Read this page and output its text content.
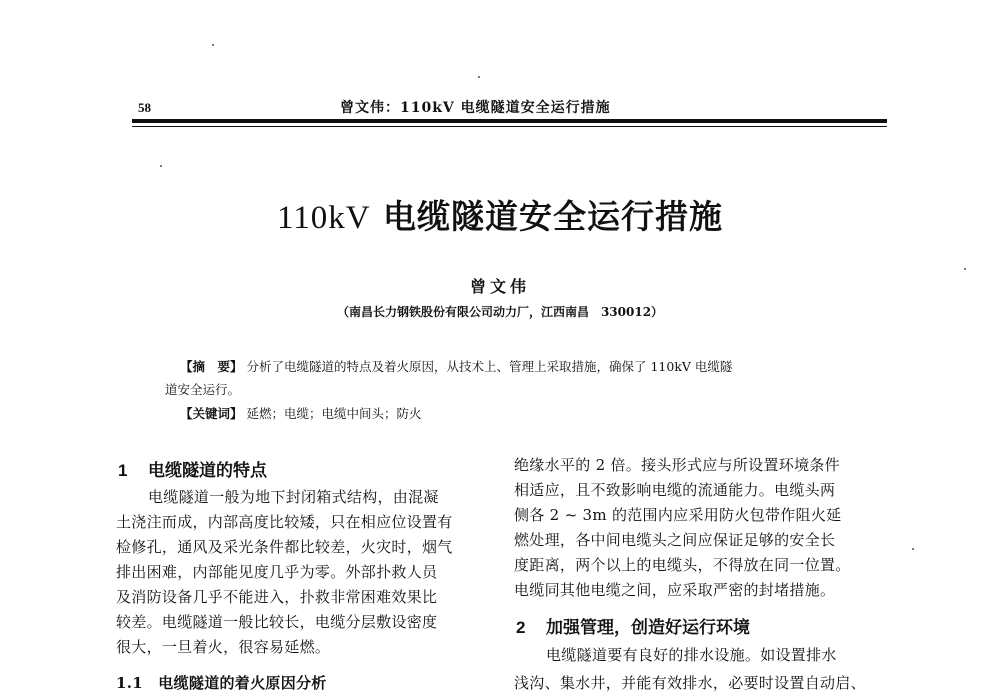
58	曾文伟：110kV 电缆隧道安全运行措施
110kV 电缆隧道安全运行措施
曾文伟
（南昌长力钢铁股份有限公司动力厂，江西南昌　330012）
【摘　要】 分析了电缆隧道的特点及着火原因，从技术上、管理上采取措施，确保了 110kV 电缆隧
道安全运行。
【关键词】 延燃；电缆；电缆中间头；防火
1 电缆隧道的特点
电缆隧道一般为地下封闭箱式结构，由混凝
土浇注而成，内部高度比较矮，只在相应位设置有
检修孔，通风及采光条件都比较差，火灾时，烟气
排出困难，内部能见度几乎为零。外部扑救人员
及消防设备几乎不能进入，扑救非常困难效果比
较差。电缆隧道一般比较长，电缆分层敷设密度
很大，一旦着火，很容易延燃。
1.1　电缆隧道的着火原因分析
绝缘水平的 2 倍。接头形式应与所设置环境条件
相适应，且不致影响电缆的流通能力。电缆头两
侧各 2 ~ 3m 的范围内应采用防火包带作阻火延
燃处理，各中间电缆头之间应保证足够的安全长
度距离，两个以上的电缆头，不得放在同一位置。
电缆同其他电缆之间，应采取严密的封堵措施。
2 加强管理，创造好运行环境
电缆隧道要有良好的排水设施。如设置排水
浅沟、集水井，并能有效排水，必要时设置自动启、
